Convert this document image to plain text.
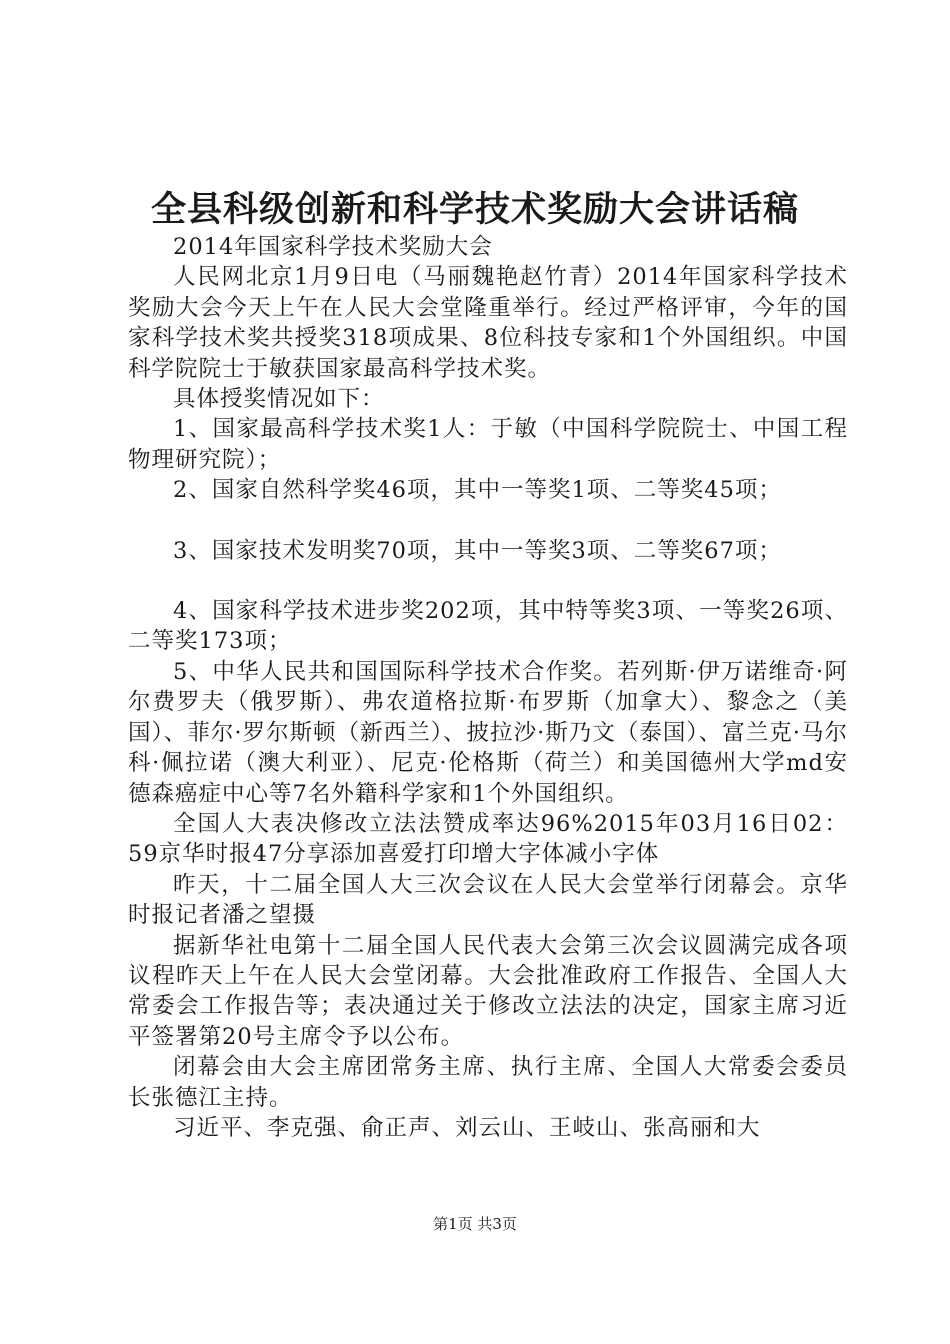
全县科级创新和科学技术奖励大会讲话稿

2014年国家科学技术奖励大会

人民网北京1月9日电（马丽魏艳赵竹青）2014年国家科学技术奖励大会今天上午在人民大会堂隆重举行。经过严格评审，今年的国家科学技术奖共授奖318项成果、8位科技专家和1个外国组织。中国科学院院士于敏获国家最高科学技术奖。

具体授奖情况如下：

1、国家最高科学技术奖1人：于敏（中国科学院院士、中国工程物理研究院）；

2、国家自然科学奖46项，其中一等奖1项、二等奖45项；

3、国家技术发明奖70项，其中一等奖3项、二等奖67项；

4、国家科学技术进步奖202项，其中特等奖3项、一等奖26项、二等奖173项；

5、中华人民共和国国际科学技术合作奖。若列斯·伊万诺维奇·阿尔费罗夫（俄罗斯）、弗农道格拉斯·布罗斯（加拿大）、黎念之（美国）、菲尔·罗尔斯顿（新西兰）、披拉沙·斯乃文（泰国）、富兰克·马尔科·佩拉诺（澳大利亚）、尼克·伦格斯（荷兰）和美国德州大学md安德森癌症中心等7名外籍科学家和1个外国组织。

全国人大表决修改立法法赞成率达96%2015年03月16日02：59京华时报47分享添加喜爱打印增大字体减小字体

昨天，十二届全国人大三次会议在人民大会堂举行闭幕会。京华时报记者潘之望摄

据新华社电第十二届全国人民代表大会第三次会议圆满完成各项议程昨天上午在人民大会堂闭幕。大会批准政府工作报告、全国人大常委会工作报告等；表决通过关于修改立法法的决定，国家主席习近平签署第20号主席令予以公布。

闭幕会由大会主席团常务主席、执行主席、全国人大常委会委员长张德江主持。

习近平、李克强、俞正声、刘云山、王岐山、张高丽和大

第1页 共3页
